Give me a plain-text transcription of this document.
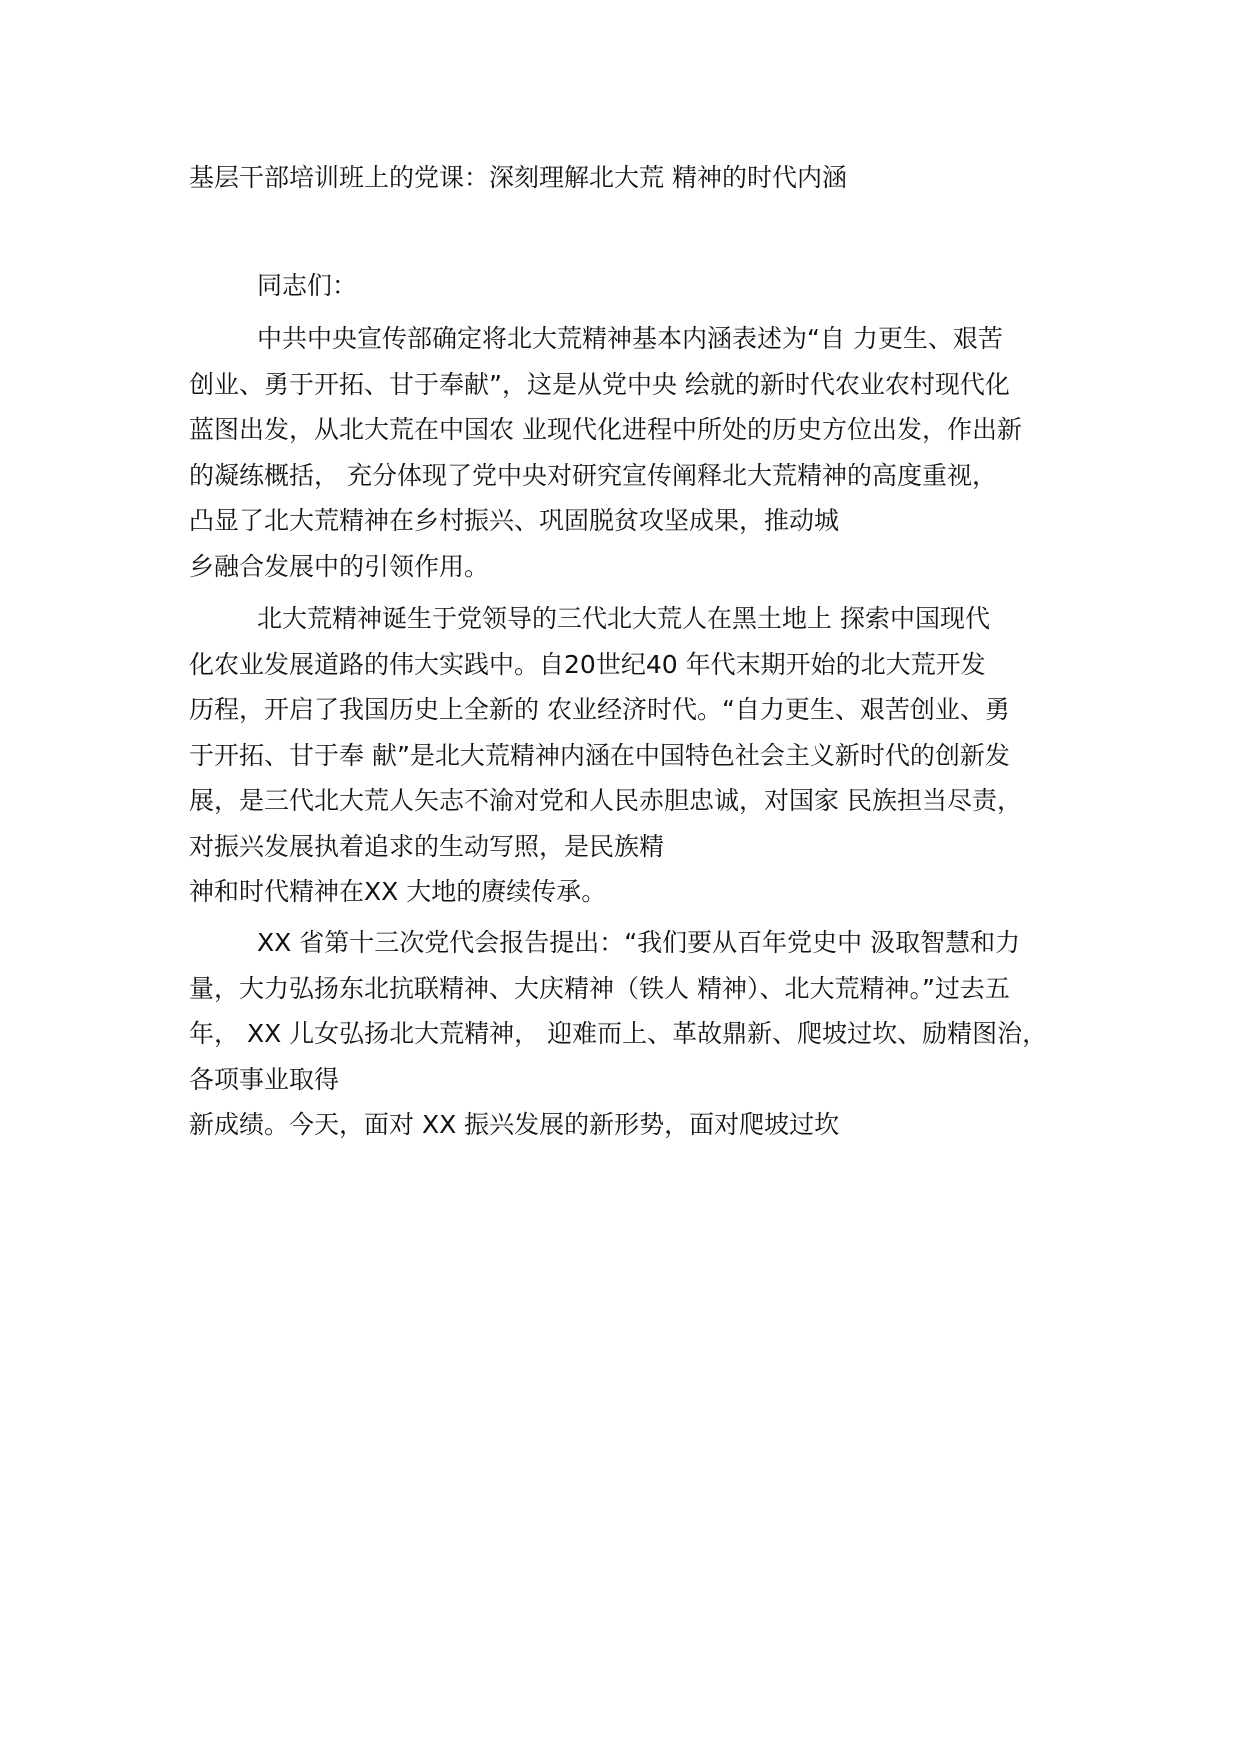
基层干部培训班上的党课：深刻理解北大荒 精神的时代内涵
同志们：

中共中央宣传部确定将北大荒精神基本内涵表述为“自 力更生、艰苦
创业、勇于开拓、甘于奉献”，这是从党中央 绘就的新时代农业农村现代化
蓝图出发，从北大荒在中国农 业现代化进程中所处的历史方位出发，作出新
的凝练概括， 充分体现了党中央对研究宣传阐释北大荒精神的高度重视，
凸显了北大荒精神在乡村振兴、巩固脱贫攻坚成果，推动城
乡融合发展中的引领作用。

北大荒精神诞生于党领导的三代北大荒人在黑土地上 探索中国现代
化农业发展道路的伟大实践中。自20世纪40 年代末期开始的北大荒开发
历程，开启了我国历史上全新的 农业经济时代。“自力更生、艰苦创业、勇
于开拓、甘于奉 献”是北大荒精神内涵在中国特色社会主义新时代的创新发
展，是三代北大荒人矢志不渝对党和人民赤胆忠诚，对国家 民族担当尽责，
对振兴发展执着追求的生动写照，是民族精
神和时代精神在XX 大地的赓续传承。

XX 省第十三次党代会报告提出：“我们要从百年党史中 汲取智慧和力
量，大力弘扬东北抗联精神、大庆精神（铁人 精神）、北大荒精神。”过去五
年， XX 儿女弘扬北大荒精神， 迎难而上、革故鼎新、爬坡过坎、励精图治，
各项事业取得
新成绩。今天，面对 XX 振兴发展的新形势，面对爬坡过坎
